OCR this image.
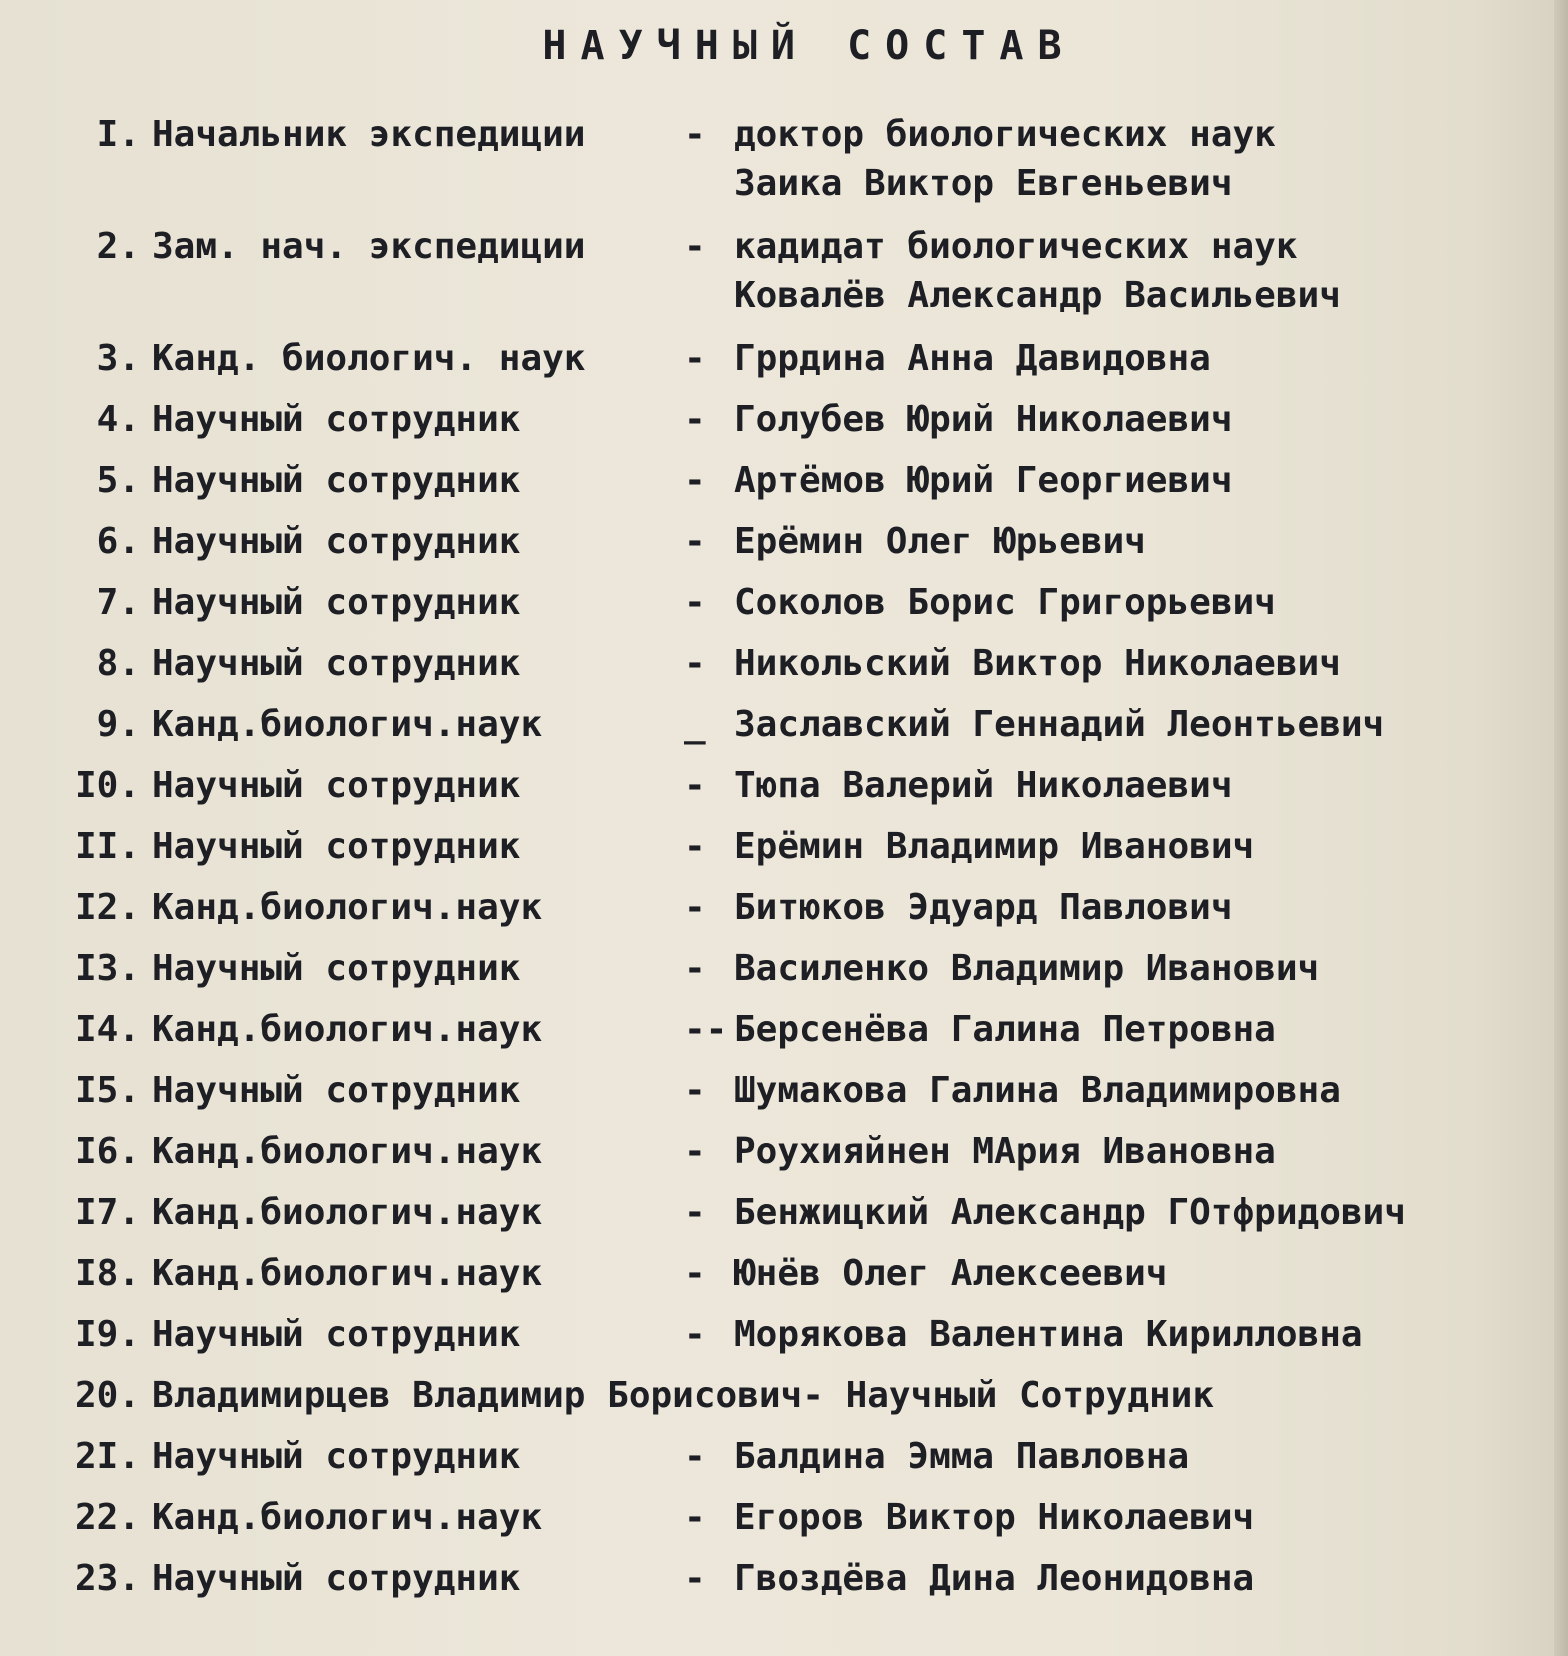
НАУЧНЫЙ СОСТАВ
I. Начальник экспедиции	- доктор биологических наук
Заика Виктор Евгеньевич
2. Зам. нач. экспедиции	- кадидат биологических наук
Ковалёв Александр Васильевич
3. Канд. биологич. наук	- Гррдина Анна Давидовна
4. Научный сотрудник	- Голубев Юрий Николаевич
5. Научный сотрудник	- Артёмов Юрий Георгиевич
6. Научный сотрудник	- Ерёмин Олег Юрьевич
7. Научный сотрудник	- Соколов Борис Григорьевич
8. Научный сотрудник	- Никольский Виктор Николаевич
9. Канд.биологич.наук	_ Заславский Геннадий Леонтьевич
I0. Научный сотрудник	- Тюпа Валерий Николаевич
II. Научный сотрудник	- Ерёмин Владимир Иванович
I2. Канд.биологич.наук	- Битюков Эдуард Павлович
I3. Научный сотрудник	- Василенко Владимир Иванович
I4. Канд.биологич.наук	-- Берсенёва Галина Петровна
I5. Научный сотрудник	- Шумакова Галина Владимировна
I6. Канд.биологич.наук	- Роухияйнен МАрия Ивановна
I7. Канд.биологич.наук	- Бенжицкий Александр ГОтфридович
I8. Канд.биологич.наук	- Юнёв Олег Алексеевич
I9. Научный сотрудник	- Морякова Валентина Кирилловна
20. Владимирцев Владимир Борисович- Научный Сотрудник
2I. Научный сотрудник	- Балдина Эмма Павловна
22. Канд.биологич.наук	- Егоров Виктор Николаевич
23. Научный сотрудник	- Гвоздёва Дина Леонидовна
